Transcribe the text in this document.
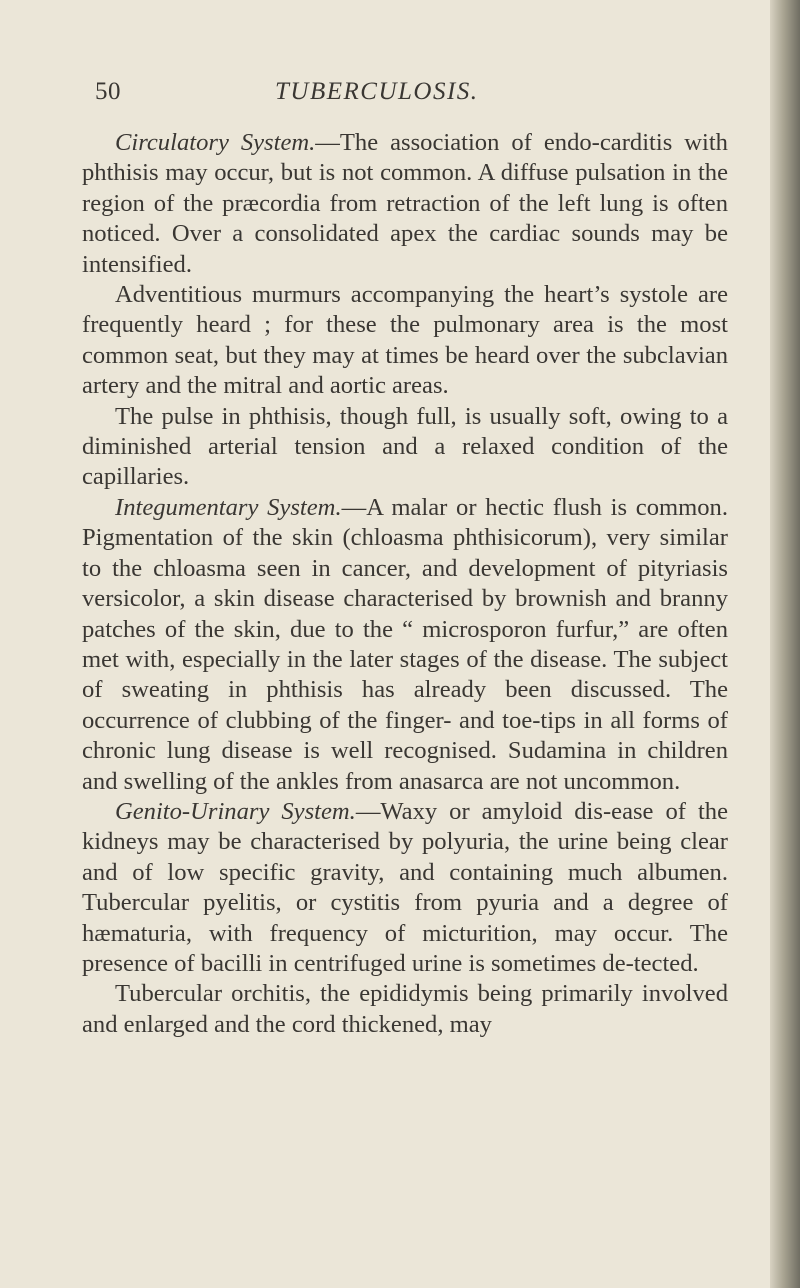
50	TUBERCULOSIS.

Circulatory System.—The association of endo-carditis with phthisis may occur, but is not common. A diffuse pulsation in the region of the præcordia from retraction of the left lung is often noticed. Over a consolidated apex the cardiac sounds may be intensified.

Adventitious murmurs accompanying the heart’s systole are frequently heard ; for these the pulmonary area is the most common seat, but they may at times be heard over the subclavian artery and the mitral and aortic areas.

The pulse in phthisis, though full, is usually soft, owing to a diminished arterial tension and a relaxed condition of the capillaries.

Integumentary System.—A malar or hectic flush is common. Pigmentation of the skin (chloasma phthisicorum), very similar to the chloasma seen in cancer, and development of pityriasis versicolor, a skin disease characterised by brownish and branny patches of the skin, due to the “ microsporon furfur,” are often met with, especially in the later stages of the disease. The subject of sweating in phthisis has already been discussed. The occurrence of clubbing of the finger- and toe-tips in all forms of chronic lung disease is well recognised. Sudamina in children and swelling of the ankles from anasarca are not uncommon.

Genito-Urinary System.—Waxy or amyloid dis-ease of the kidneys may be characterised by polyuria, the urine being clear and of low specific gravity, and containing much albumen. Tubercular pyelitis, or cystitis from pyuria and a degree of hæmaturia, with frequency of micturition, may occur. The presence of bacilli in centrifuged urine is sometimes de-tected.

Tubercular orchitis, the epididymis being primarily involved and enlarged and the cord thickened, may
